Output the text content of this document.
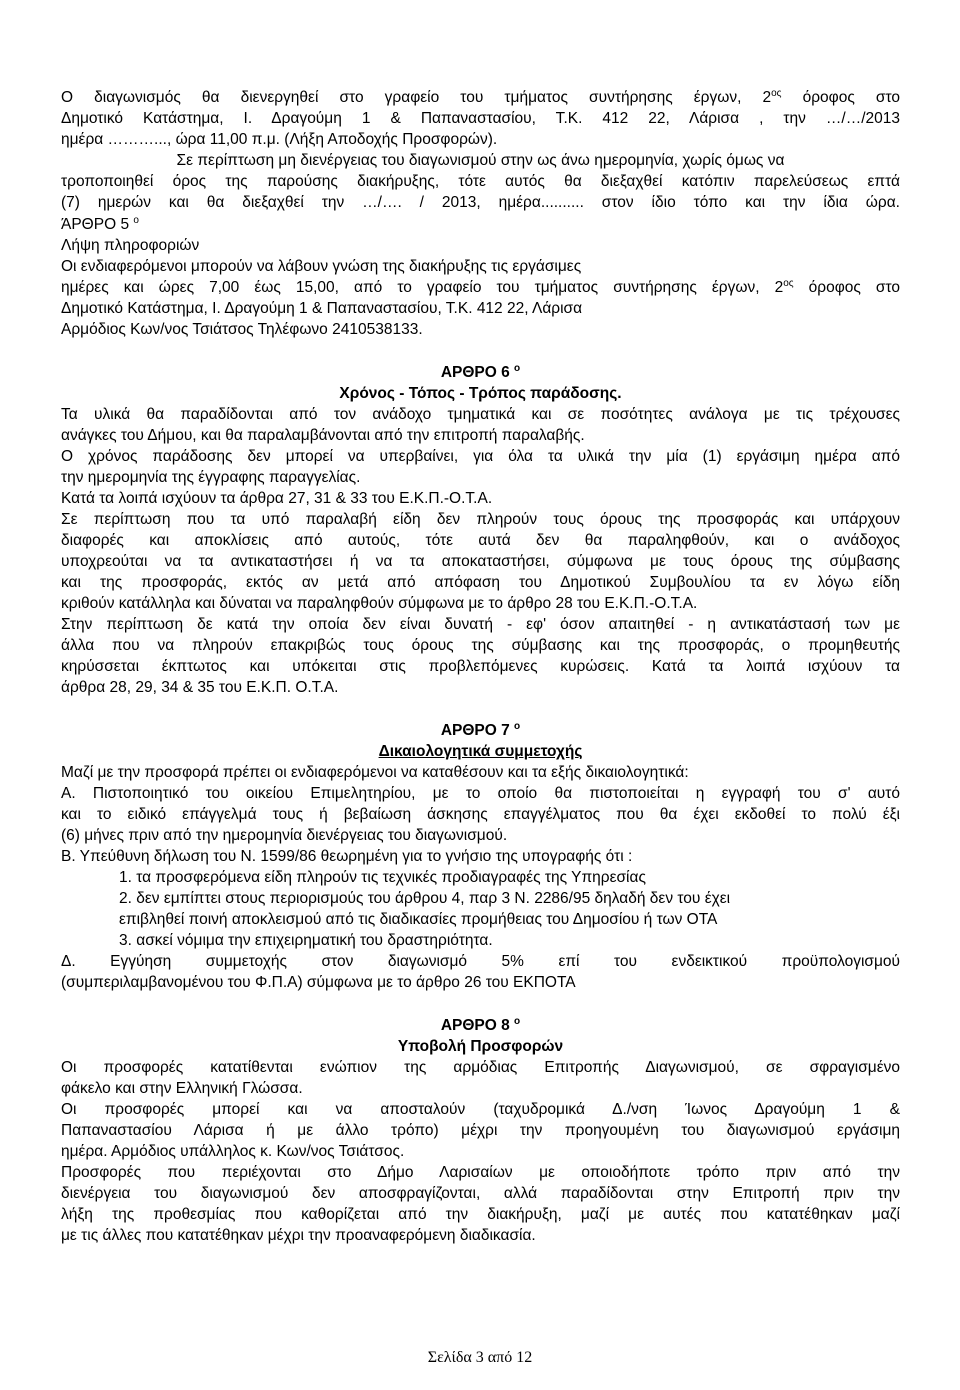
Ο διαγωνισμός θα διενεργηθεί στο γραφείο του τμήματος συντήρησης έργων, $2^{o\varsigma}$ όροφος στο
Δημοτικό Κατάστημα, Ι. Δραγούμη 1 & Παπαναστασίου, Τ.Κ. 412 22, Λάρισα , την …/…/2013
ημέρα ………..., ώρα 11,00 π.μ. (Λήξη Αποδοχής Προσφορών).
Σε περίπτωση μη διενέργειας του διαγωνισμού στην ως άνω ημερομηνία, χωρίς όμως να
τροποποιηθεί όρος της παρούσης διακήρυξης, τότε αυτός θα διεξαχθεί κατόπιν παρελεύσεως επτά
(7) ημερών και θα διεξαχθεί την …/…. / 2013, ημέρα.......... στον ίδιο τόπο και την ίδια ώρα.
ΆΡΘΡΟ 5 $^o$
Λήψη πληροφοριών
Οι ενδιαφερόμενοι μπορούν να λάβουν γνώση της διακήρυξης τις εργάσιμες
ημέρες και ώρες 7,00 έως 15,00, από το γραφείο του τμήματος συντήρησης έργων, $2^{o\varsigma}$ όροφος στο
Δημοτικό Κατάστημα, Ι. Δραγούμη 1 & Παπαναστασίου, Τ.Κ. 412 22, Λάρισα
Αρμόδιος Κων/νος Τσιάτσος Τηλέφωνο 2410538133.
ΑΡΘΡΟ 6 $^o$
Χρόνος - Τόπος - Τρόπος παράδοσης.
Τα υλικά θα παραδίδονται από τον ανάδοχο τμηματικά και σε ποσότητες ανάλογα με τις τρέχουσες
ανάγκες του Δήμου, και θα παραλαμβάνονται από την επιτροπή παραλαβής.
Ο χρόνος παράδοσης δεν μπορεί να υπερβαίνει, για όλα τα υλικά την μία (1) εργάσιμη ημέρα από
την ημερομηνία της έγγραφης παραγγελίας.
Κατά τα λοιπά ισχύουν τα άρθρα 27, 31 & 33 του Ε.Κ.Π.-Ο.Τ.Α.
Σε περίπτωση που τα υπό παραλαβή είδη δεν πληρούν τους όρους της προσφοράς και υπάρχουν
διαφορές και αποκλίσεις από αυτούς, τότε αυτά δεν θα παραληφθούν, και ο ανάδοχος
υποχρεούται να τα αντικαταστήσει ή να τα αποκαταστήσει, σύμφωνα με τους όρους της σύμβασης
και της προσφοράς, εκτός αν μετά από απόφαση του Δημοτικού Συμβουλίου τα εν λόγω είδη
κριθούν κατάλληλα και δύναται να παραληφθούν σύμφωνα με το άρθρο 28 του Ε.Κ.Π.-Ο.Τ.Α.
Στην περίπτωση δε κατά την οποία δεν είναι δυνατή - εφ' όσον απαιτηθεί - η αντικατάστασή των με
άλλα που να πληρούν επακριβώς τους όρους της σύμβασης και της προσφοράς, ο προμηθευτής
κηρύσσεται έκπτωτος και υπόκειται στις προβλεπόμενες κυρώσεις. Κατά τα λοιπά ισχύουν τα
άρθρα 28, 29, 34 & 35 του Ε.Κ.Π. Ο.Τ.Α.
ΑΡΘΡΟ 7 $^o$
Δικαιολογητικά συμμετοχής
Μαζί με την προσφορά πρέπει οι ενδιαφερόμενοι να καταθέσουν και τα εξής δικαιολογητικά:
Α. Πιστοποιητικό του οικείου Επιμελητηρίου, με το οποίο θα πιστοποιείται η εγγραφή του σ' αυτό
και το ειδικό επάγγελμά τους ή βεβαίωση άσκησης επαγγέλματος που θα έχει εκδοθεί το πολύ έξι
(6) μήνες πριν από την ημερομηνία διενέργειας του διαγωνισμού.
Β. Υπεύθυνη δήλωση του Ν. 1599/86 θεωρημένη για το γνήσιο της υπογραφής ότι :
1. τα προσφερόμενα είδη πληρούν τις τεχνικές προδιαγραφές της Υπηρεσίας
2. δεν εμπίπτει στους περιορισμούς του άρθρου 4, παρ 3 Ν. 2286/95 δηλαδή δεν του έχει
επιβληθεί ποινή αποκλεισμού από τις διαδικασίες προμήθειας του Δημοσίου ή των ΟΤΑ
3. ασκεί νόμιμα την επιχειρηματική του δραστηριότητα.
Δ. Εγγύηση συμμετοχής στον διαγωνισμό 5% επί του ενδεικτικού προϋπολογισμού
(συμπεριλαμβανομένου του Φ.Π.Α) σύμφωνα με το άρθρο 26 του ΕΚΠΟΤΑ
ΑΡΘΡΟ 8 $^o$
Υποβολή Προσφορών
Οι προσφορές κατατίθενται ενώπιον της αρμόδιας Επιτροπής Διαγωνισμού, σε σφραγισμένο
φάκελο και στην Ελληνική Γλώσσα.
Οι προσφορές μπορεί και να αποσταλούν (ταχυδρομικά Δ./νση Ίωνος Δραγούμη 1 &
Παπαναστασίου Λάρισα ή με άλλο τρόπο) μέχρι την προηγουμένη του διαγωνισμού εργάσιμη
ημέρα. Αρμόδιος υπάλληλος κ. Κων/νος Τσιάτσος.
Προσφορές που περιέχονται στο Δήμο Λαρισαίων με οποιοδήποτε τρόπο πριν από την
διενέργεια του διαγωνισμού δεν αποσφραγίζονται, αλλά παραδίδονται στην Επιτροπή πριν την
λήξη της προθεσμίας που καθορίζεται από την διακήρυξη, μαζί με αυτές που κατατέθηκαν μαζί
με τις άλλες που κατατέθηκαν μέχρι την προαναφερόμενη διαδικασία.
Σελίδα 3 από 12
